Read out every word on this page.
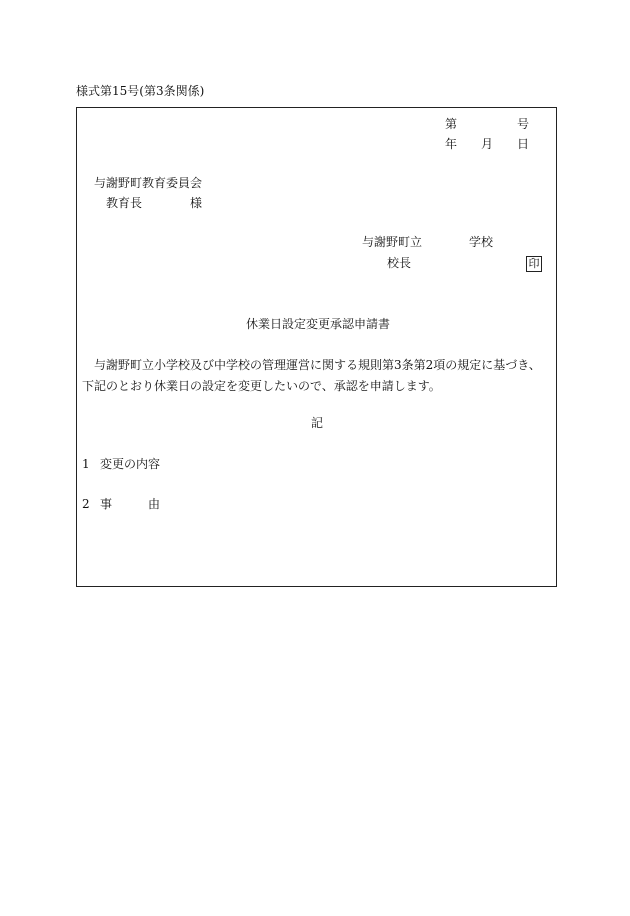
様式第15号(第3条関係)
第	号
年 月 日
与謝野町教育委員会
教育長	様
与謝野町立	学校
校長	印
休業日設定変更承認申請書
与謝野町立小学校及び中学校の管理運営に関する規則第3条第2項の規定に基づき、下記のとおり休業日の設定を変更したいので、承認を申請します。
記
1 変更の内容
2 事	由
